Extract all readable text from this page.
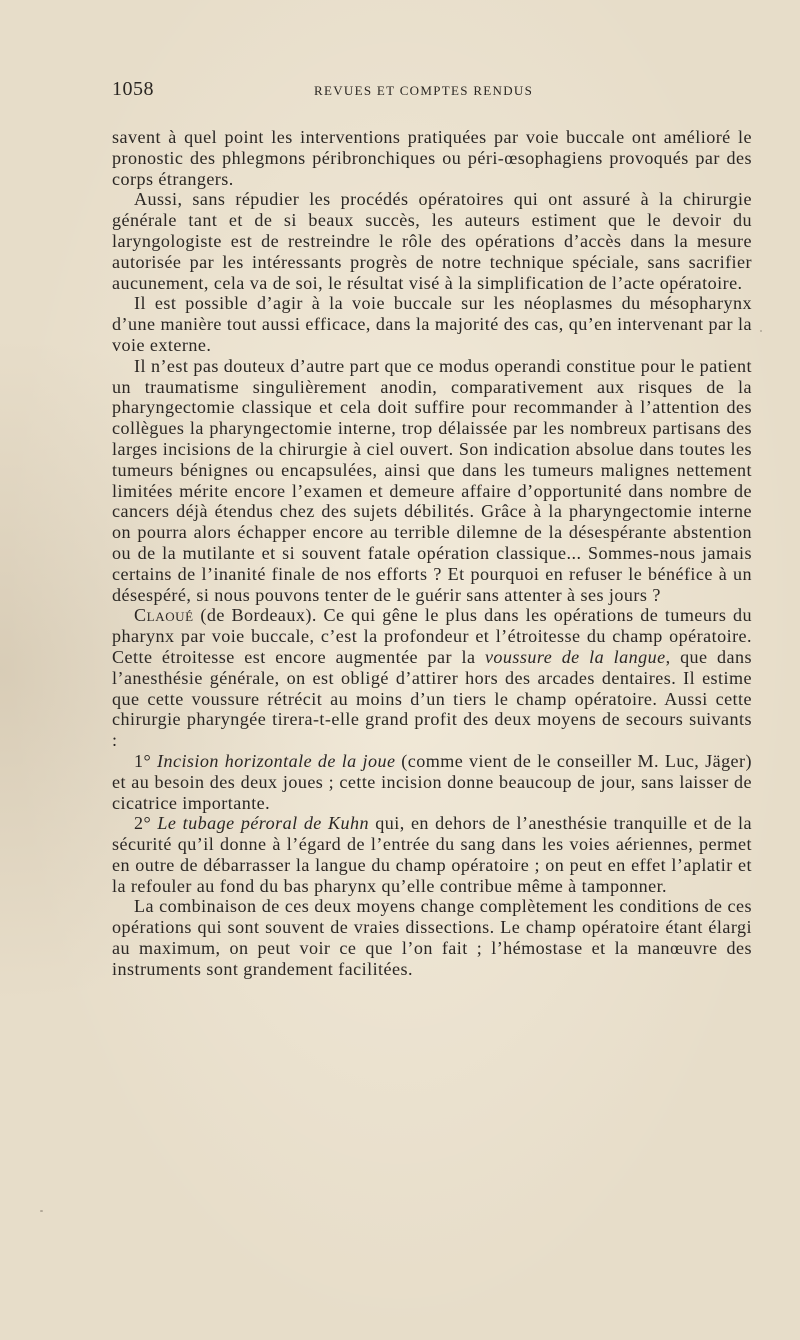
1058	REVUES ET COMPTES RENDUS

savent à quel point les interventions pratiquées par voie buccale ont amélioré le pronostic des phlegmons péribronchiques ou péri-œsophagiens provoqués par des corps étrangers.

Aussi, sans répudier les procédés opératoires qui ont assuré à la chirurgie générale tant et de si beaux succès, les auteurs estiment que le devoir du laryngologiste est de restreindre le rôle des opérations d’accès dans la mesure autorisée par les intéressants progrès de notre technique spéciale, sans sacrifier aucunement, cela va de soi, le résultat visé à la simplification de l’acte opératoire.

Il est possible d’agir à la voie buccale sur les néoplasmes du mésopharynx d’une manière tout aussi efficace, dans la majorité des cas, qu’en intervenant par la voie externe.

Il n’est pas douteux d’autre part que ce modus operandi constitue pour le patient un traumatisme singulièrement anodin, comparativement aux risques de la pharyngectomie classique et cela doit suffire pour recommander à l’attention des collègues la pharyngectomie interne, trop délaissée par les nombreux partisans des larges incisions de la chirurgie à ciel ouvert. Son indication absolue dans toutes les tumeurs bénignes ou encapsulées, ainsi que dans les tumeurs malignes nettement limitées mérite encore l’examen et demeure affaire d’opportunité dans nombre de cancers déjà étendus chez des sujets débilités. Grâce à la pharyngectomie interne on pourra alors échapper encore au terrible dilemne de la désespérante abstention ou de la mutilante et si souvent fatale opération classique... Sommes-nous jamais certains de l’inanité finale de nos efforts ? Et pourquoi en refuser le bénéfice à un désespéré, si nous pouvons tenter de le guérir sans attenter à ses jours ?

Claoué (de Bordeaux). Ce qui gêne le plus dans les opérations de tumeurs du pharynx par voie buccale, c’est la profondeur et l’étroitesse du champ opératoire. Cette étroitesse est encore augmentée par la voussure de la langue, que dans l’anesthésie générale, on est obligé d’attirer hors des arcades dentaires. Il estime que cette voussure rétrécit au moins d’un tiers le champ opératoire. Aussi cette chirurgie pharyngée tirera-t-elle grand profit des deux moyens de secours suivants :

1° Incision horizontale de la joue (comme vient de le conseiller M. Luc, Jäger) et au besoin des deux joues ; cette incision donne beaucoup de jour, sans laisser de cicatrice importante.

2° Le tubage péroral de Kuhn qui, en dehors de l’anesthésie tranquille et de la sécurité qu’il donne à l’égard de l’entrée du sang dans les voies aériennes, permet en outre de débarrasser la langue du champ opératoire ; on peut en effet l’aplatir et la refouler au fond du bas pharynx qu’elle contribue même à tamponner.

La combinaison de ces deux moyens change complètement les conditions de ces opérations qui sont souvent de vraies dissections. Le champ opératoire étant élargi au maximum, on peut voir ce que l’on fait ; l’hémostase et la manœuvre des instruments sont grandement facilitées.
